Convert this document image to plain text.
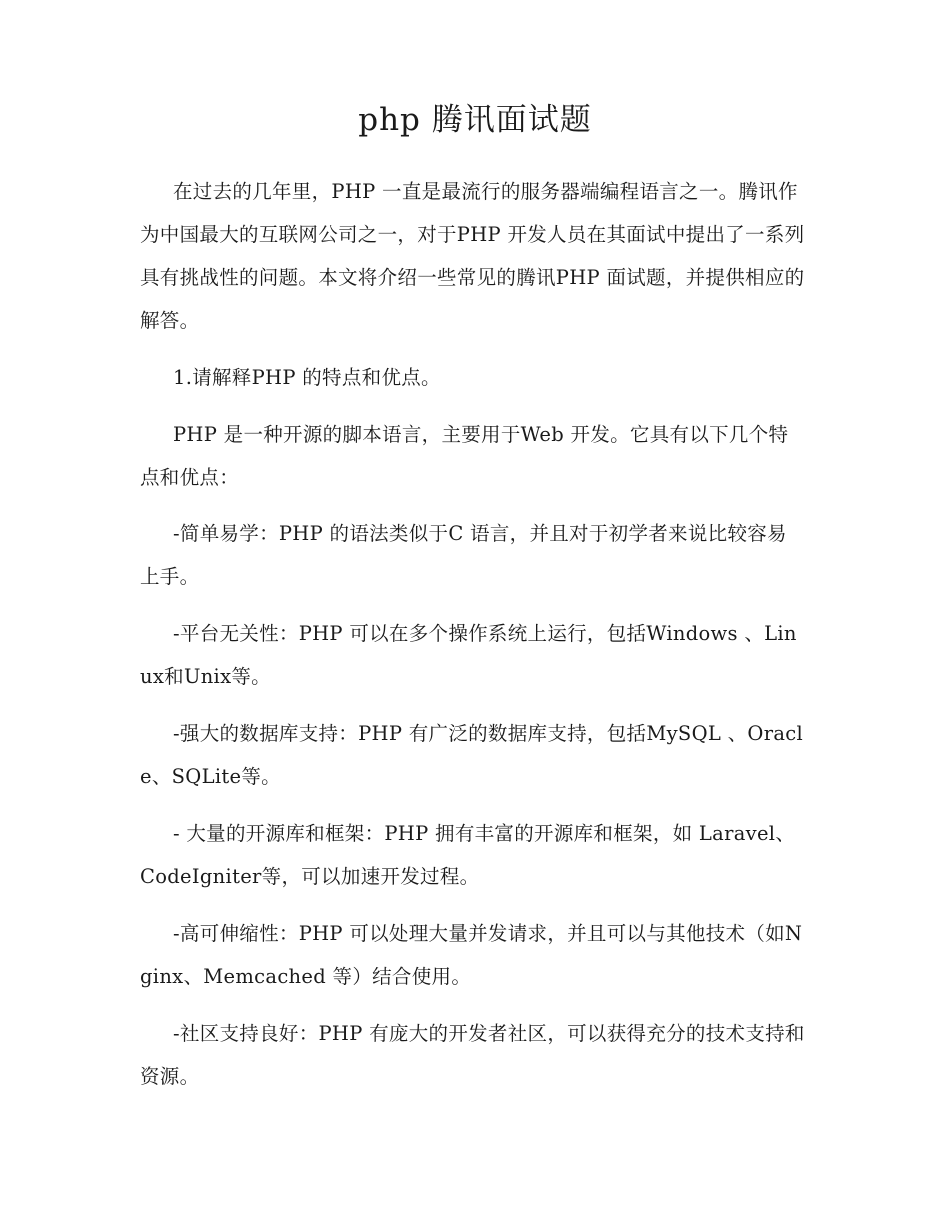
php 腾讯面试题

在过去的几年里，PHP 一直是最流行的服务器端编程语言之一。腾讯作为中国最大的互联网公司之一，对于PHP 开发人员在其面试中提出了一系列具有挑战性的问题。本文将介绍一些常见的腾讯PHP 面试题，并提供相应的解答。

1.请解释PHP 的特点和优点。

PHP 是一种开源的脚本语言，主要用于Web 开发。它具有以下几个特点和优点：

-简单易学：PHP 的语法类似于C 语言，并且对于初学者来说比较容易上手。

-平台无关性：PHP 可以在多个操作系统上运行，包括Windows 、Linux和Unix等。

-强大的数据库支持：PHP 有广泛的数据库支持，包括MySQL 、Oracle、SQLite等。

- 大量的开源库和框架：PHP 拥有丰富的开源库和框架，如 Laravel、CodeIgniter等，可以加速开发过程。

-高可伸缩性：PHP 可以处理大量并发请求，并且可以与其他技术（如Nginx、Memcached 等）结合使用。

-社区支持良好：PHP 有庞大的开发者社区，可以获得充分的技术支持和资源。
